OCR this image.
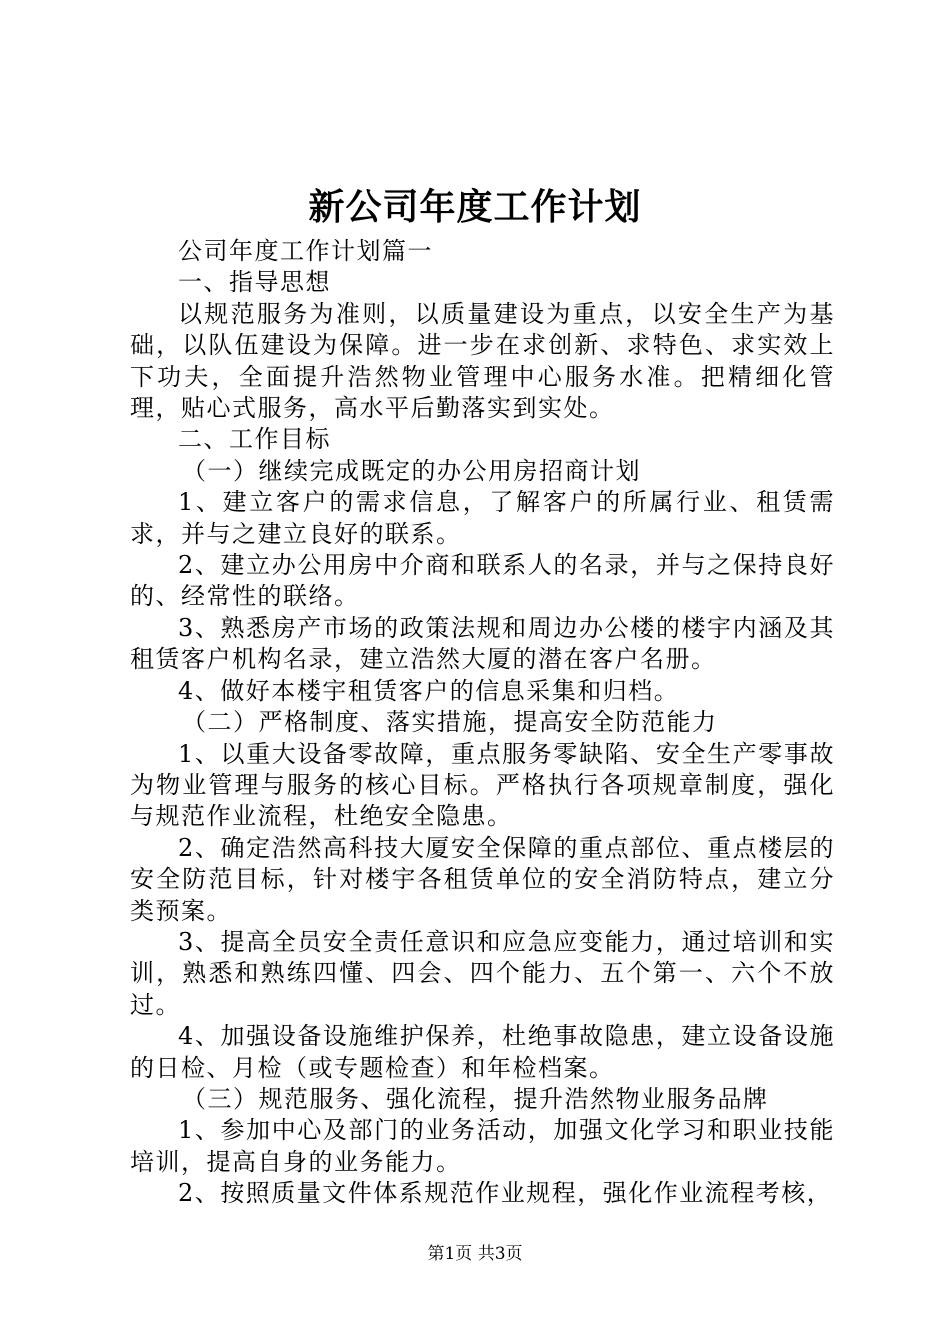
新公司年度工作计划

公司年度工作计划篇一

一、指导思想

以规范服务为准则，以质量建设为重点，以安全生产为基础，以队伍建设为保障。进一步在求创新、求特色、求实效上下功夫，全面提升浩然物业管理中心服务水准。把精细化管理，贴心式服务，高水平后勤落实到实处。

二、工作目标

（一）继续完成既定的办公用房招商计划

1、建立客户的需求信息，了解客户的所属行业、租赁需求，并与之建立良好的联系。

2、建立办公用房中介商和联系人的名录，并与之保持良好的、经常性的联络。

3、熟悉房产市场的政策法规和周边办公楼的楼宇内涵及其租赁客户机构名录，建立浩然大厦的潜在客户名册。

4、做好本楼宇租赁客户的信息采集和归档。

（二）严格制度、落实措施，提高安全防范能力

1、以重大设备零故障，重点服务零缺陷、安全生产零事故为物业管理与服务的核心目标。严格执行各项规章制度，强化与规范作业流程，杜绝安全隐患。

2、确定浩然高科技大厦安全保障的重点部位、重点楼层的安全防范目标，针对楼宇各租赁单位的安全消防特点，建立分类预案。

3、提高全员安全责任意识和应急应变能力，通过培训和实训，熟悉和熟练四懂、四会、四个能力、五个第一、六个不放过。

4、加强设备设施维护保养，杜绝事故隐患，建立设备设施的日检、月检（或专题检查）和年检档案。

（三）规范服务、强化流程，提升浩然物业服务品牌

1、参加中心及部门的业务活动，加强文化学习和职业技能培训，提高自身的业务能力。

2、按照质量文件体系规范作业规程，强化作业流程考核，

第1页 共3页
